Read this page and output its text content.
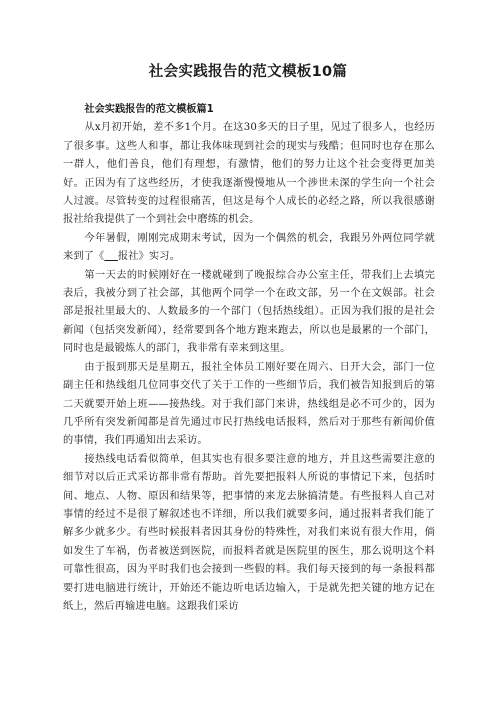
社会实践报告的范文模板10篇
社会实践报告的范文模板篇1

从x月初开始，差不多1个月。在这30多天的日子里，见过了很多人，也经历了很多事。这些人和事，都让我体味现到社会的现实与残酷；但同时也存在那么一群人，他们善良，他们有理想，有激情，他们的努力让这个社会变得更加美好。正因为有了这些经历，才使我逐渐慢慢地从一个涉世未深的学生向一个社会人过渡。尽管转变的过程很痛苦，但这是每个人成长的必经之路，所以我很感谢报社给我提供了一个到社会中磨练的机会。

今年暑假，刚刚完成期末考试，因为一个偶然的机会，我跟另外两位同学就来到了《 报社》实习。

第一天去的时候刚好在一楼就碰到了晚报综合办公室主任，带我们上去填完表后，我被分到了社会部，其他两个同学一个在政文部，另一个在文娱部。社会部是报社里最大的、人数最多的一个部门（包括热线组）。正因为我们报的是社会新闻（包括突发新闻），经常要到各个地方跑来跑去，所以也是最累的一个部门，同时也是最锻炼人的部门，我非常有幸来到这里。

由于报到那天是星期五，报社全体员工刚好要在周六、日开大会，部门一位副主任和热线组几位同事交代了关于工作的一些细节后，我们被告知报到后的第二天就要开始上班——接热线。对于我们部门来讲，热线组是必不可少的，因为几乎所有突发新闻都是首先通过市民打热线电话报料，然后对于那些有新闻价值的事情，我们再通知出去采访。

接热线电话看似简单，但其实也有很多要注意的地方，并且这些需要注意的细节对以后正式采访都非常有帮助。首先要把报料人所说的事情记下来，包括时间、地点、人物、原因和结果等，把事情的来龙去脉搞清楚。有些报料人自己对事情的经过不是很了解叙述也不详细，所以我们就要多问，通过报料者我们能了解多少就多少。有些时候报料者因其身份的特殊性，对我们来说有很大作用，倘如发生了车祸，伤者被送到医院，而报料者就是医院里的医生，那么说明这个料可靠性很高，因为平时我们也会接到一些假的料。我们每天接到的每一条报料都要打进电脑进行统计，开始还不能边听电话边输入，于是就先把关键的地方记在纸上，然后再输进电脑。这跟我们采访
